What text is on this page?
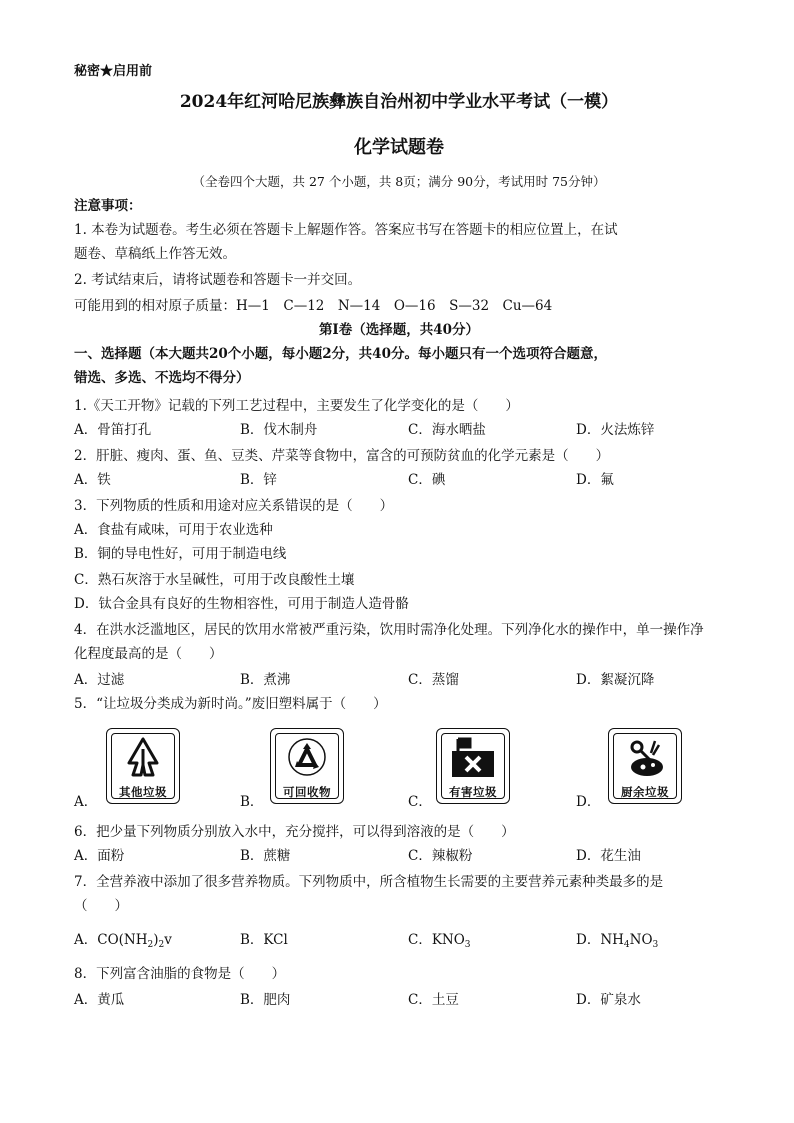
秘密★启用前
2024年红河哈尼族彝族自治州初中学业水平考试（一模）
化学试题卷
（全卷四个大题，共 27 个小题，共 8页；满分 90分，考试用时 75分钟）
注意事项：
1. 本卷为试题卷。考生必须在答题卡上解题作答。答案应书写在答题卡的相应位置上，在试
题卷、草稿纸上作答无效。
2. 考试结束后，请将试题卷和答题卡一并交回。
可能用到的相对原子质量：H—1　C—12　N—14　O—16　S—32　Cu—64
第Ⅰ卷（选择题，共40分）
一、选择题（本大题共20个小题，每小题2分，共40分。每小题只有一个选项符合题意，
错选、多选、不选均不得分）
1.《天工开物》记载的下列工艺过程中，主要发生了化学变化的是（　　）
A．骨笛打孔	B．伐木制舟	C．海水晒盐	D．火法炼锌
2．肝脏、瘦肉、蛋、鱼、豆类、芹菜等食物中，富含的可预防贫血的化学元素是（　　）
A．铁	B．锌	C．碘	D．氟
3．下列物质的性质和用途对应关系错误的是（　　）
A．食盐有咸味，可用于农业选种
B．铜的导电性好，可用于制造电线
C．熟石灰溶于水呈碱性，可用于改良酸性土壤
D．钛合金具有良好的生物相容性，可用于制造人造骨骼
4．在洪水泛滥地区，居民的饮用水常被严重污染，饮用时需净化处理。下列净化水的操作中，单一操作净
化程度最高的是（　　）
A．过滤	B．煮沸	C．蒸馏	D．絮凝沉降
5．“让垃圾分类成为新时尚。”废旧塑料属于（　　）
A．
其他垃圾
B．
可回收物
C．
有害垃圾
D．
厨余垃圾
6．把少量下列物质分别放入水中，充分搅拌，可以得到溶液的是（　　）
A．面粉	B．蔗糖	C．辣椒粉	D．花生油
7．全营养液中添加了很多营养物质。下列物质中，所含植物生长需要的主要营养元素种类最多的是
（　　）
A．$CO(NH_2)_2v$	B．KCl	C．$KNO_3$	D．$NH_4NO_3$
8．下列富含油脂的食物是（　　）
A．黄瓜	B．肥肉	C．土豆	D．矿泉水
